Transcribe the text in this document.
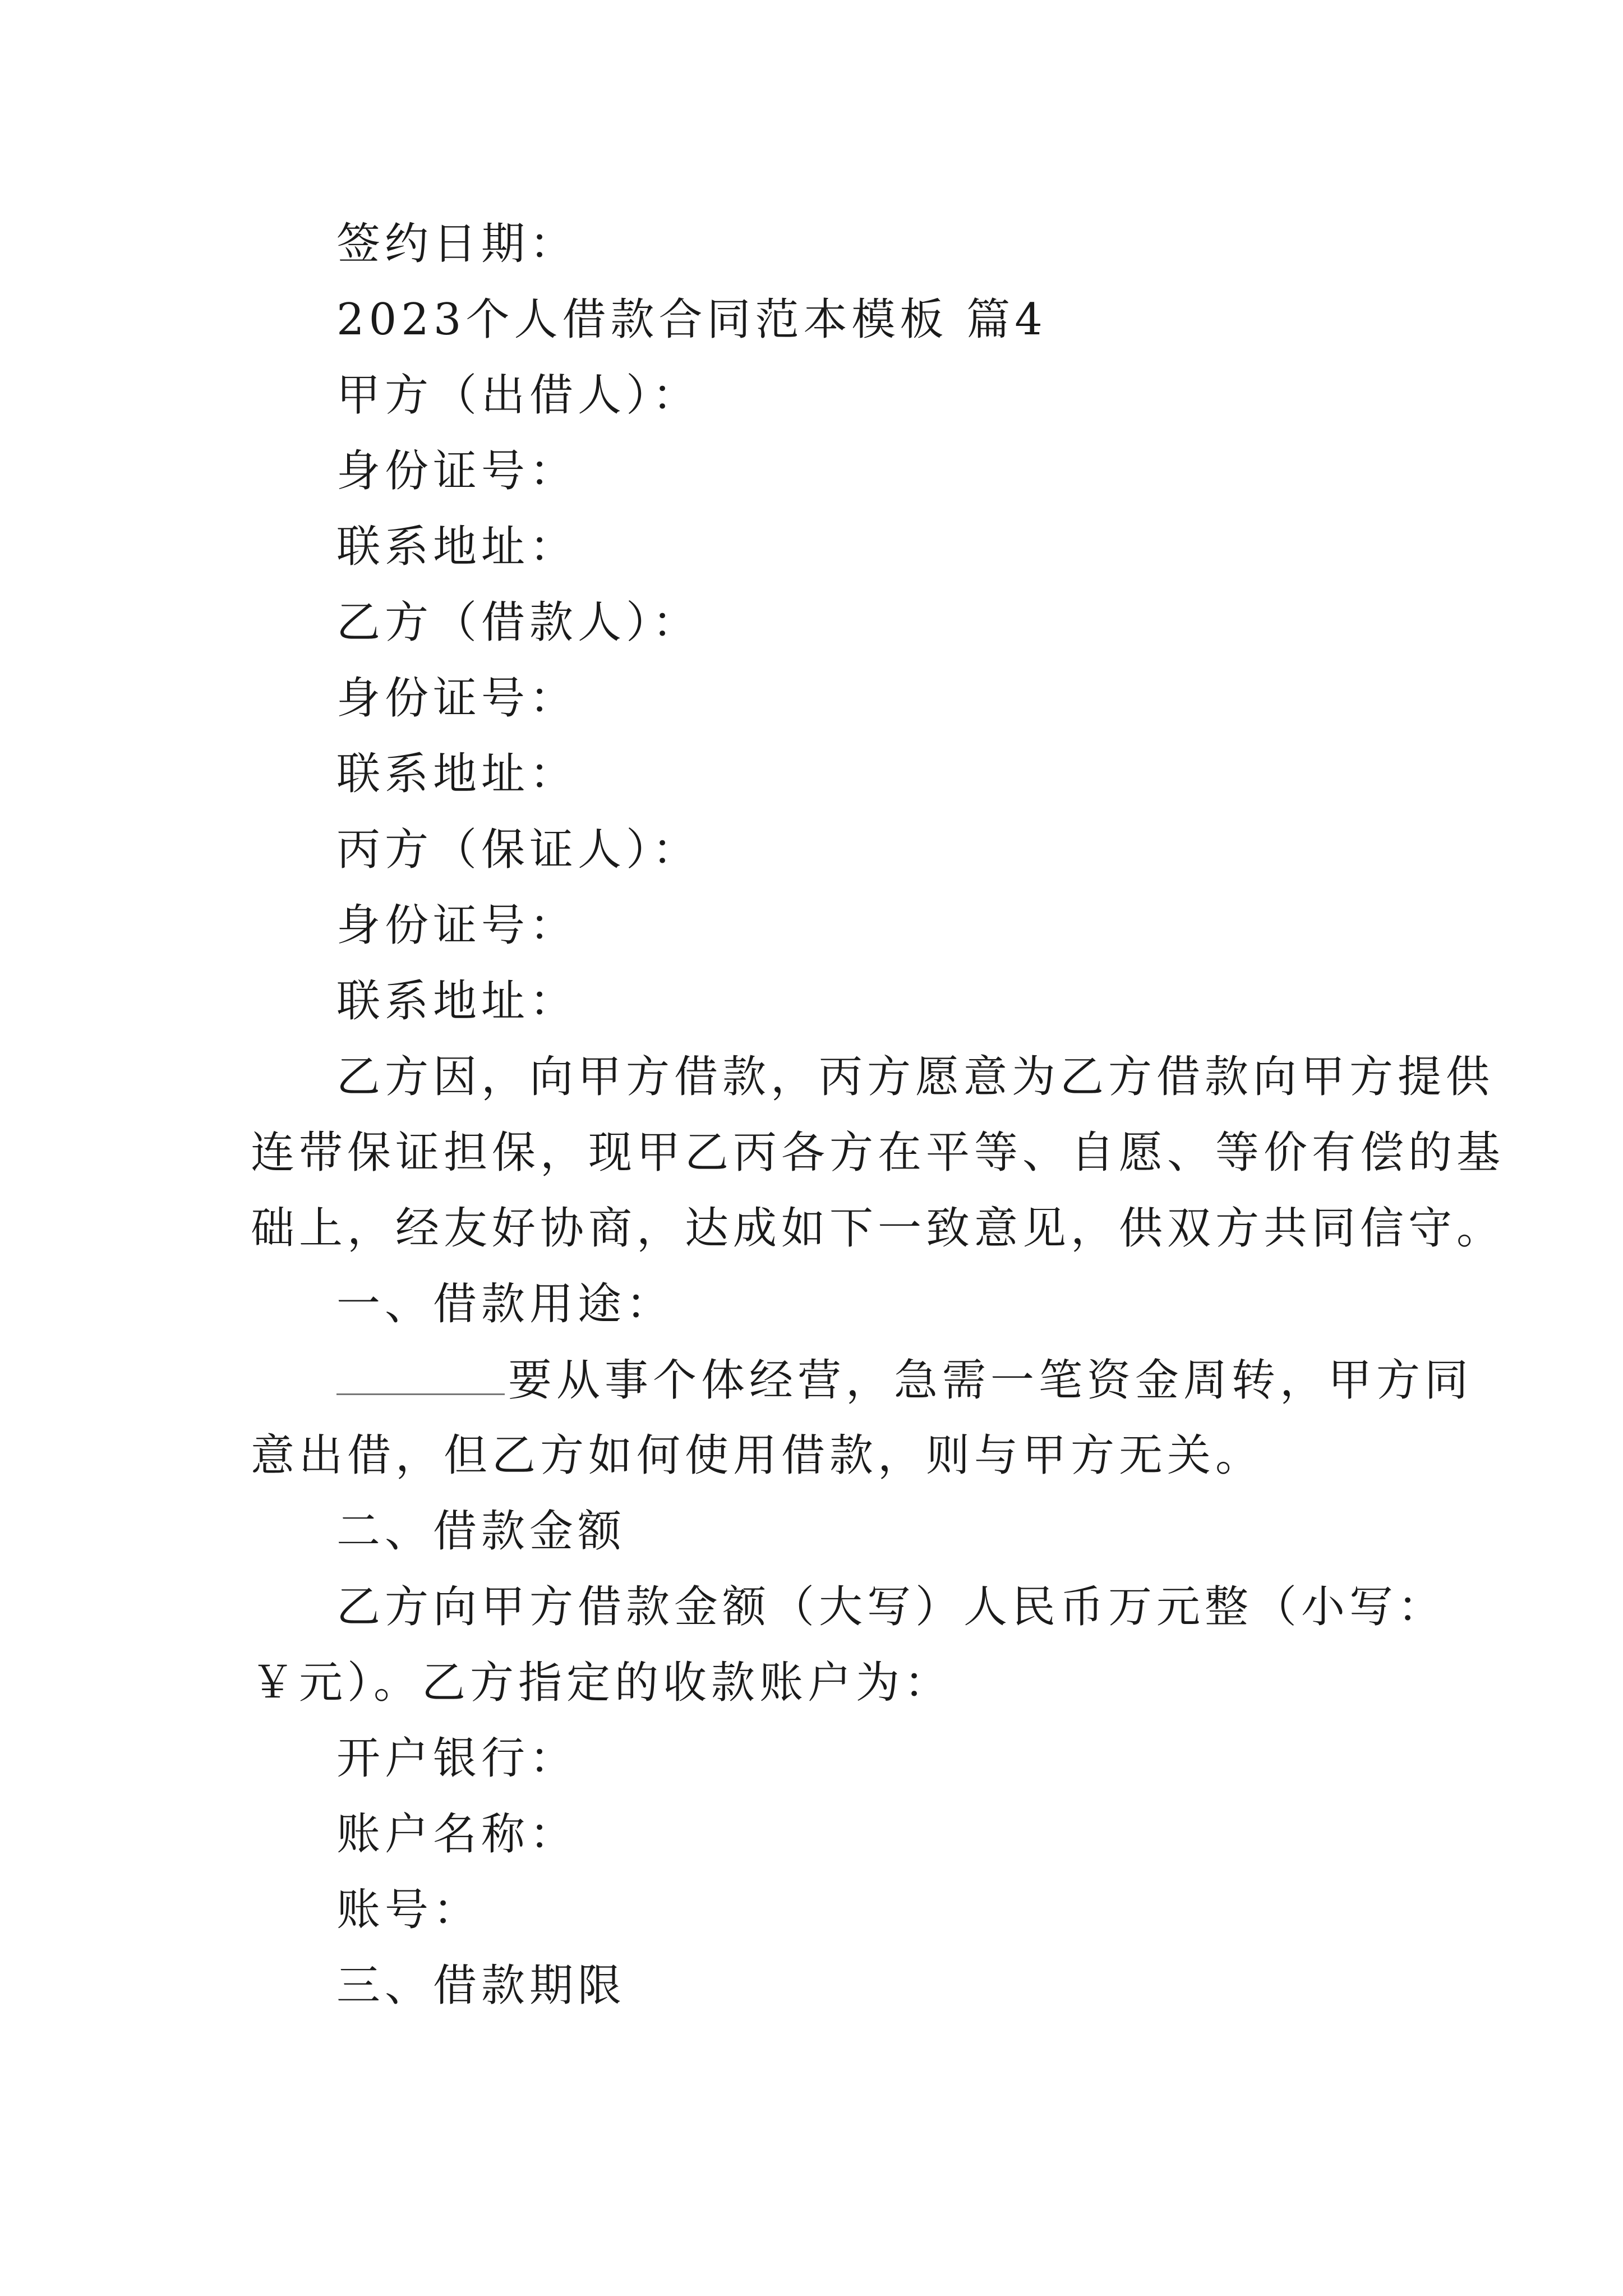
签约日期：
2023个人借款合同范本模板 篇4
甲方（出借人）：
身份证号：
联系地址：
乙方（借款人）：
身份证号：
联系地址：
丙方（保证人）：
身份证号：
联系地址：
乙方因，向甲方借款，丙方愿意为乙方借款向甲方提供
连带保证担保，现甲乙丙各方在平等、自愿、等价有偿的基
础上，经友好协商，达成如下一致意见，供双方共同信守。
一、借款用途：
要从事个体经营，急需一笔资金周转，甲方同
意出借，但乙方如何使用借款，则与甲方无关。
二、借款金额
乙方向甲方借款金额（大写）人民币万元整（小写：
￥元）。乙方指定的收款账户为：
开户银行：
账户名称：
账号：
三、借款期限
